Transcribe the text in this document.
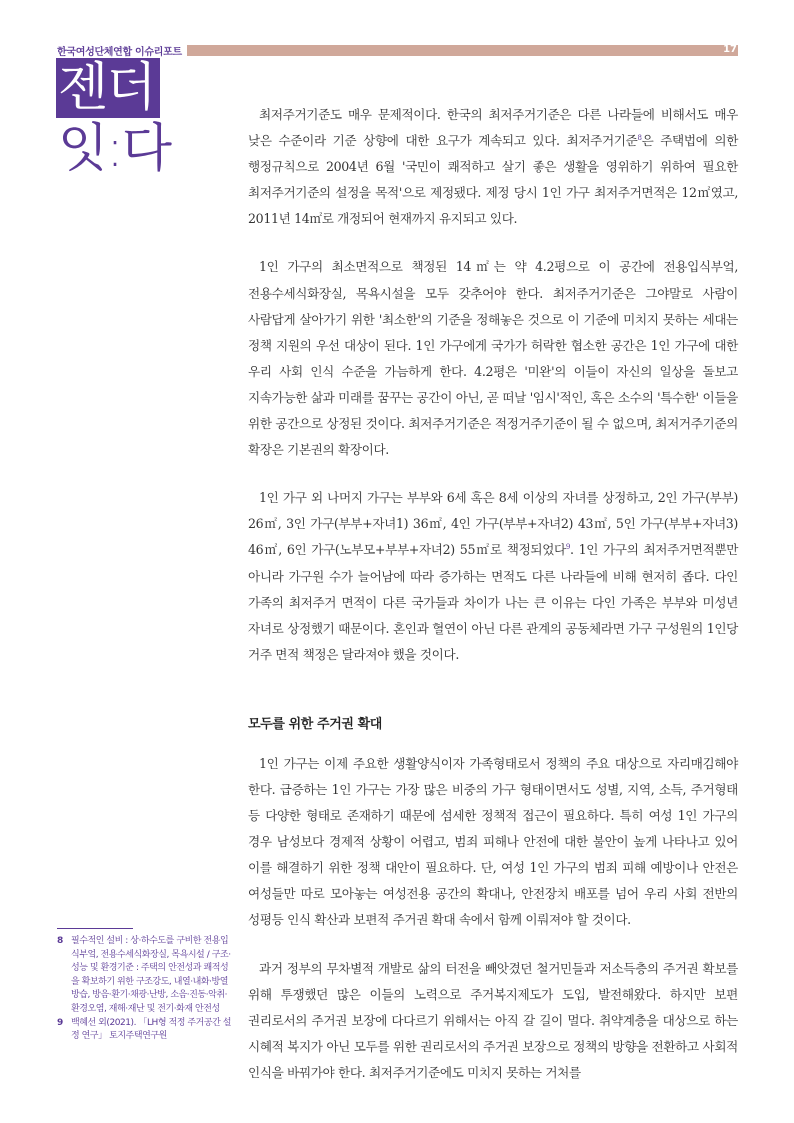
한국여성단체연합 이슈리포트	17
젠더
잇:다

최저주거기준도 매우 문제적이다. 한국의 최저주거기준은 다른 나라들에 비해서도 매우 낮은 수준이라 기준 상향에 대한 요구가 계속되고 있다. 최저주거기준$^8$은 주택법에 의한 행정규칙으로 2004년 6월 '국민이 쾌적하고 살기 좋은 생활을 영위하기 위하여 필요한 최저주거기준의 설정을 목적'으로 제정됐다. 제정 당시 1인 가구 최저주거면적은 12㎡였고, 2011년 14㎡로 개정되어 현재까지 유지되고 있다.

1인 가구의 최소면적으로 책정된 14㎡는 약 4.2평으로 이 공간에 전용입식부엌, 전용수세식화장실, 목욕시설을 모두 갖추어야 한다. 최저주거기준은 그야말로 사람이 사람답게 살아가기 위한 '최소한'의 기준을 정해놓은 것으로 이 기준에 미치지 못하는 세대는 정책 지원의 우선 대상이 된다. 1인 가구에게 국가가 허락한 협소한 공간은 1인 가구에 대한 우리 사회 인식 수준을 가늠하게 한다. 4.2평은 '미완'의 이들이 자신의 일상을 돌보고 지속가능한 삶과 미래를 꿈꾸는 공간이 아닌, 곧 떠날 '임시'적인, 혹은 소수의 '특수한' 이들을 위한 공간으로 상정된 것이다. 최저주거기준은 적정거주기준이 될 수 없으며, 최저거주기준의 확장은 기본권의 확장이다.

1인 가구 외 나머지 가구는 부부와 6세 혹은 8세 이상의 자녀를 상정하고, 2인 가구(부부) 26㎡, 3인 가구(부부+자녀1) 36㎡, 4인 가구(부부+자녀2) 43㎡, 5인 가구(부부+자녀3) 46㎡, 6인 가구(노부모+부부+자녀2) 55㎡로 책정되었다$^9$. 1인 가구의 최저주거면적뿐만 아니라 가구원 수가 늘어남에 따라 증가하는 면적도 다른 나라들에 비해 현저히 좁다. 다인 가족의 최저주거 면적이 다른 국가들과 차이가 나는 큰 이유는 다인 가족은 부부와 미성년 자녀로 상정했기 때문이다. 혼인과 혈연이 아닌 다른 관계의 공동체라면 가구 구성원의 1인당 거주 면적 책정은 달라져야 했을 것이다.

모두를 위한 주거권 확대

1인 가구는 이제 주요한 생활양식이자 가족형태로서 정책의 주요 대상으로 자리매김해야 한다. 급증하는 1인 가구는 가장 많은 비중의 가구 형태이면서도 성별, 지역, 소득, 주거형태 등 다양한 형태로 존재하기 때문에 섬세한 정책적 접근이 필요하다. 특히 여성 1인 가구의 경우 남성보다 경제적 상황이 어렵고, 범죄 피해나 안전에 대한 불안이 높게 나타나고 있어 이를 해결하기 위한 정책 대안이 필요하다. 단, 여성 1인 가구의 범죄 피해 예방이나 안전은 여성들만 따로 모아놓는 여성전용 공간의 확대나, 안전장치 배포를 넘어 우리 사회 전반의 성평등 인식 확산과 보편적 주거권 확대 속에서 함께 이뤄져야 할 것이다.

과거 정부의 무차별적 개발로 삶의 터전을 빼앗겼던 철거민들과 저소득층의 주거권 확보를 위해 투쟁했던 많은 이들의 노력으로 주거복지제도가 도입, 발전해왔다. 하지만 보편 권리로서의 주거권 보장에 다다르기 위해서는 아직 갈 길이 멀다. 취약계층을 대상으로 하는 시혜적 복지가 아닌 모두를 위한 권리로서의 주거권 보장으로 정책의 방향을 전환하고 사회적 인식을 바꿔가야 한다. 최저주거기준에도 미치지 못하는 거처를

8 필수적인 설비 : 상·하수도를 구비한 전용입식부엌, 전용수세식화장실, 목욕시설 / 구조·성능 및 환경기준 : 주택의 안전성과 쾌적성을 확보하기 위한 구조강도, 내열·내화·방열 방습, 방음·환기·채광·난방, 소음·진동·악취·환경오염, 재해·재난 및 전기·화재 안전성
9 백혜선 외(2021). 「LH형 적정 주거공간 설정 연구」 토지주택연구원
